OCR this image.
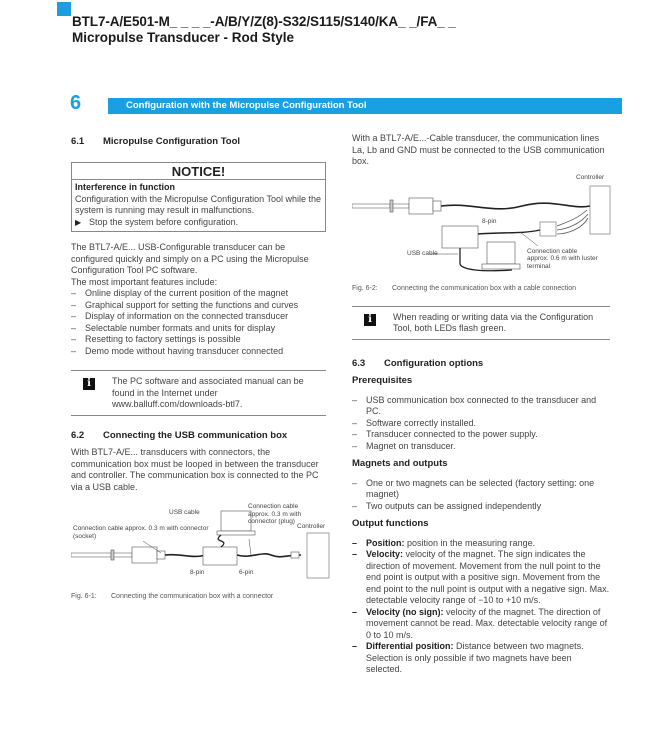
BTL7-A/E501-M_ _ _ _-A/B/Y/Z(8)-S32/S115/S140/KA_ _/FA_ _
Micropulse Transducer - Rod Style
6	Configuration with the Micropulse Configuration Tool
6.1	Micropulse Configuration Tool
NOTICE!
Interference in function
Configuration with the Micropulse Configuration Tool while the system is running may result in malfunctions.
▶ Stop the system before configuration.
The BTL7-A/E... USB-Configurable transducer can be configured quickly and simply on a PC using the Micropulse Configuration Tool PC software.
The most important features include:
– Online display of the current position of the magnet
– Graphical support for setting the functions and curves
– Display of information on the connected transducer
– Selectable number formats and units for display
– Resetting to factory settings is possible
– Demo mode without having transducer connected
i	The PC software and associated manual can be found in the Internet under www.balluff.com/downloads-btl7.
6.2	Connecting the USB communication box
With BTL7-A/E... transducers with connectors, the communication box must be looped in between the transducer and controller. The communication box is connected to the PC via a USB cable.
USB cable
Connection cable approx. 0.3 m with connector (socket)
Connection cable approx. 0.3 m with connector (plug)
Controller
8-pin	6-pin
Fig. 6-1:	Connecting the communication box with a connector
With a BTL7-A/E...-Cable transducer, the communication lines La, Lb and GND must be connected to the USB communication box.
Controller
8-pin
USB cable	Connection cable approx. 0.6 m with luster terminal
Fig. 6-2:	Connecting the communication box with a cable connection
i	When reading or writing data via the Configuration Tool, both LEDs flash green.
6.3	Configuration options
Prerequisites
– USB communication box connected to the transducer and PC.
– Software correctly installed.
– Transducer connected to the power supply.
– Magnet on transducer.
Magnets and outputs
– One or two magnets can be selected (factory setting: one magnet)
– Two outputs can be assigned independently
Output functions
– Position: position in the measuring range.
– Velocity: velocity of the magnet. The sign indicates the direction of movement. Movement from the null point to the end point is output with a positive sign. Movement from the end point to the null point is output with a negative sign. Max. detectable velocity range of −10 to +10 m/s.
– Velocity (no sign): velocity of the magnet. The direction of movement cannot be read. Max. detectable velocity range of 0 to 10 m/s.
– Differential position: Distance between two magnets. Selection is only possible if two magnets have been selected.
